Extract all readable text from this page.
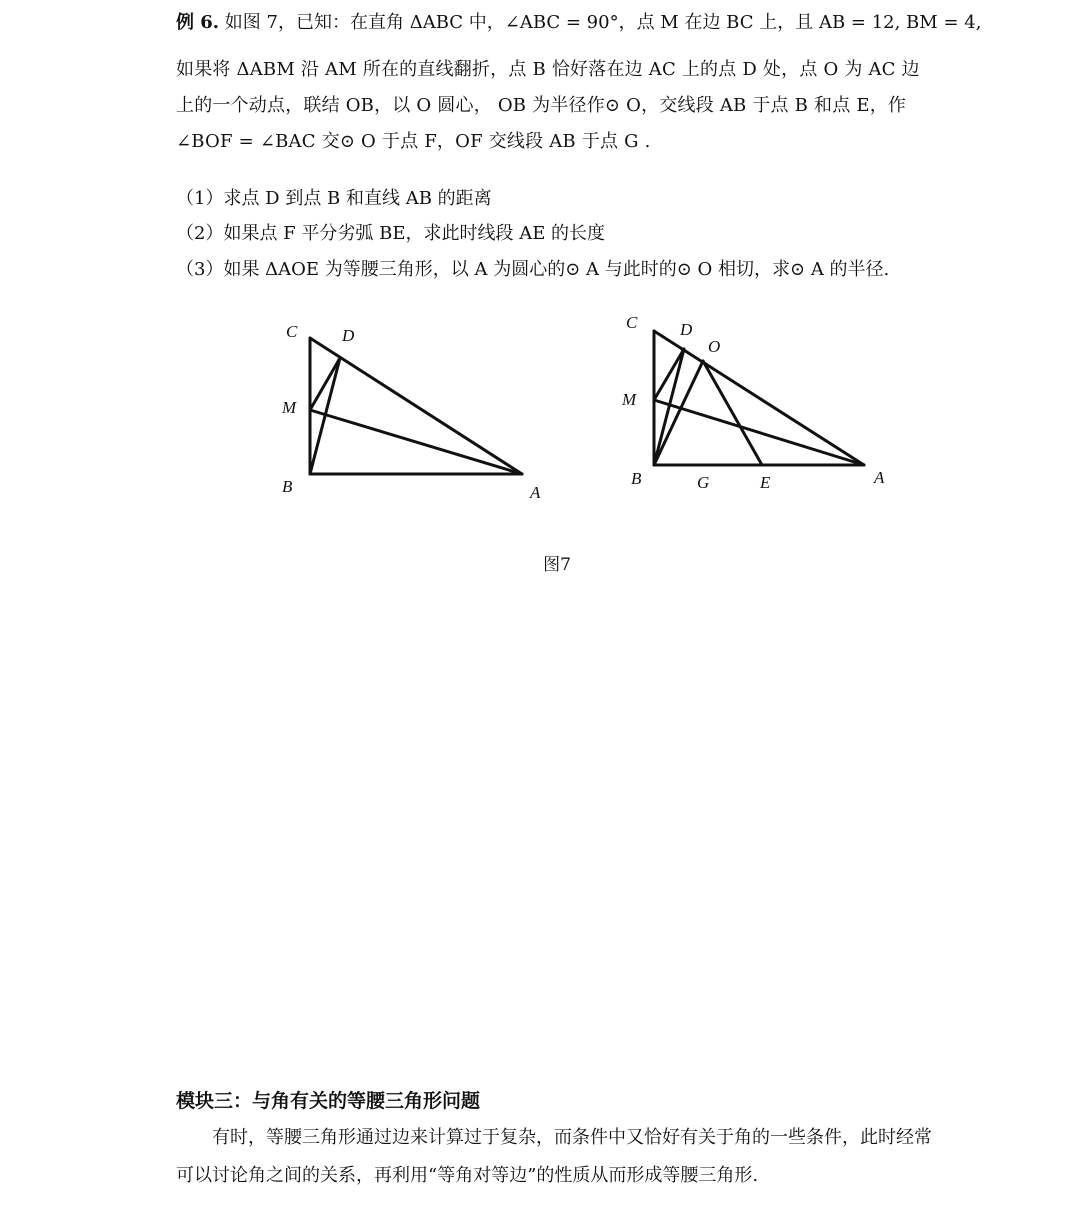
例 6. 如图 7，已知：在直角 ΔABC 中，∠ABC = 90°，点 M 在边 BC 上，且 AB = 12, BM = 4,

如果将 ΔABM 沿 AM 所在的直线翻折，点 B 恰好落在边 AC 上的点 D 处，点 O 为 AC 边上的一个动点，联结 OB，以 O 圆心， OB 为半径作⊙ O，交线段 AB 于点 B 和点 E，作 ∠BOF = ∠BAC 交⊙ O 于点 F，OF 交线段 AB 于点 G .

（1）求点 D 到点 B 和直线 AB 的距离

（2）如果点 F 平分劣弧 BE，求此时线段 AE 的长度

（3）如果 ΔAOE 为等腰三角形，以 A 为圆心的⊙ A 与此时的⊙ O 相切，求⊙ A 的半径.

C	D
M
B	A
C	D
O
M
B	G	E	A
图7
模块三：与角有关的等腰三角形问题

有时，等腰三角形通过边来计算过于复杂，而条件中又恰好有关于角的一些条件，此时经常可以讨论角之间的关系，再利用“等角对等边”的性质从而形成等腰三角形.
